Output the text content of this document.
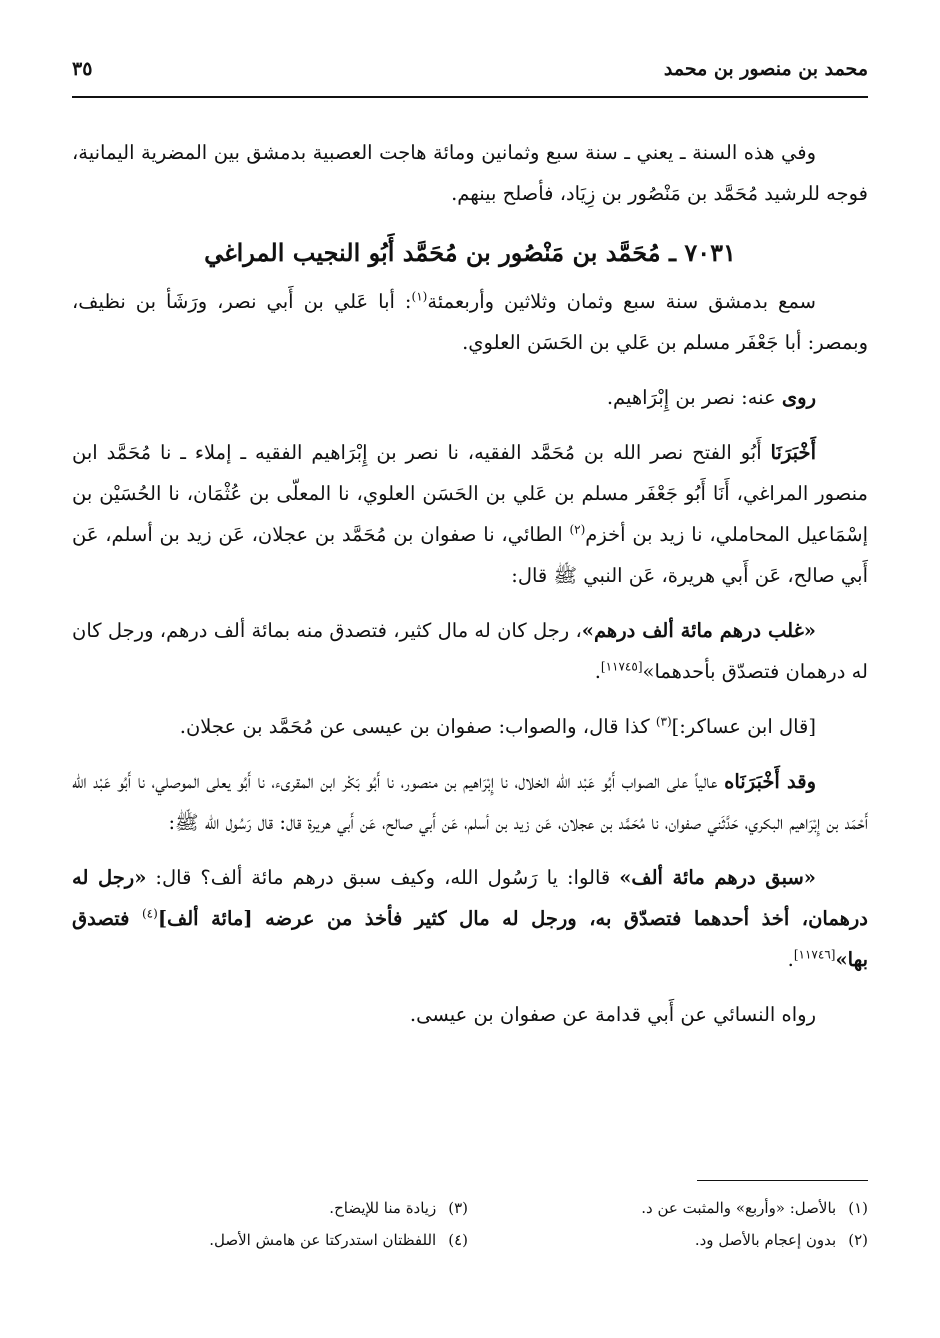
محمد بن منصور بن محمد
٣٥

وفي هذه السنة ـ يعني ـ سنة سبع وثمانين ومائة هاجت العصبية بدمشق بين المضرية اليمانية، فوجه للرشيد مُحَمَّد بن مَنْصُور بن زِيَاد، فأصلح بينهم.

٧٠٣١ ـ مُحَمَّد بن مَنْصُور بن مُحَمَّد أَبُو النجيب المراغي

سمع بدمشق سنة سبع وثمان وثلاثين وأربعمئة$^{(١)}$: أبا عَلي بن أَبي نصر، ورَشَأ بن نظيف، وبمصر: أبا جَعْفَر مسلم بن عَلي بن الحَسَن العلوي.

روى عنه: نصر بن إِبْرَاهيم.

أَخْبَرَنَا أَبُو الفتح نصر الله بن مُحَمَّد الفقيه، نا نصر بن إِبْرَاهيم الفقيه ـ إملاء ـ نا مُحَمَّد ابن منصور المراغي، أَنَا أَبُو جَعْفَر مسلم بن عَلي بن الحَسَن العلوي، نا المعلّى بن عُثْمَان، نا الحُسَيْن بن إسْمَاعيل المحاملي، نا زيد بن أخزم$^{(٢)}$ الطائي، نا صفوان بن مُحَمَّد بن عجلان، عَن زيد بن أسلم، عَن أَبي صالح، عَن أَبي هريرة، عَن النبي ﷺ قال:

«غلب درهم مائة ألف درهم»، رجل كان له مال كثير، فتصدق منه بمائة ألف درهم، ورجل كان له درهمان فتصدّق بأحدهما»[١١٧٤٥].

[قال ابن عساكر:]$^{(٣)}$ كذا قال، والصواب: صفوان بن عيسى عن مُحَمَّد بن عجلان.

وقد أَخْبَرَنَاه عالياً على الصواب أَبُو عَبْد الله الخلال، نا إِبْرَاهيم بن منصور، نا أَبُو بَكْر ابن المقرىء، نا أَبُو يعلى الموصلي، نا أَبُو عَبْد الله أَحْمَد بن إِبْرَاهيم البكري، حَدَّثَني صفوان، نا مُحَمَّد بن عجلان، عَن زيد بن أسلم، عَن أَبي صالح، عَن أَبي هريرة قال: قال رَسُول الله ﷺ:

«سبق درهم مائة ألف» قالوا: يا رَسُول الله، وكيف سبق درهم مائة ألف؟ قال: «رجل له درهمان، أخذ أحدهما فتصدّق به، ورجل له مال كثير فأخذ من عرضه [مائة ألف]$^{(٤)}$ فتصدق بها»[١١٧٤٦].

رواه النسائي عن أَبي قدامة عن صفوان بن عيسى.

(١)بالأصل: «وأربع» والمثبت عن د.
(٢)بدون إعجام بالأصل ود.
(٣)زيادة منا للإيضاح.
(٤)اللفظتان استدركتا عن هامش الأصل.
